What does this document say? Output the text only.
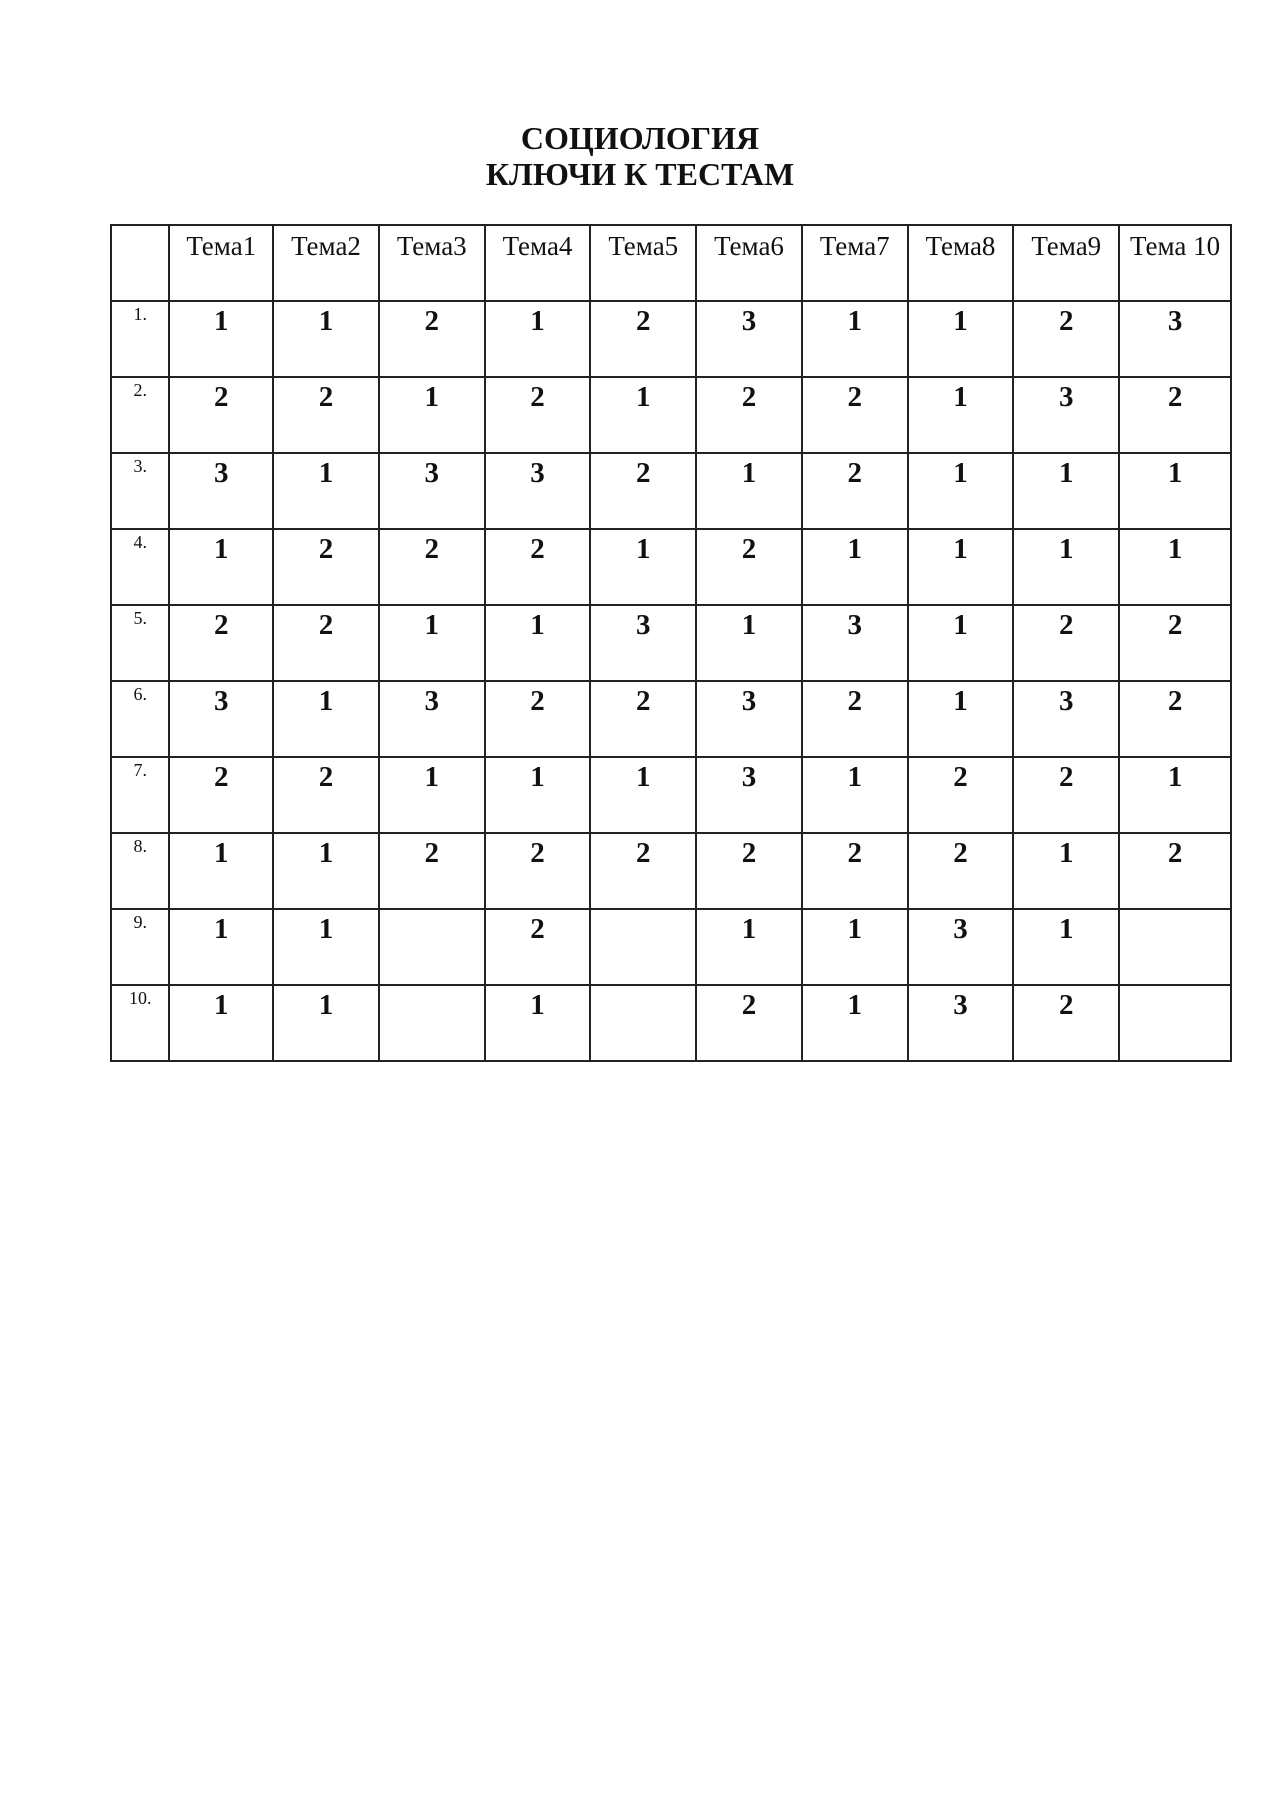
СОЦИОЛОГИЯ

КЛЮЧИ К ТЕСТАМ

	Тема1	Тема2	Тема3	Тема4	Тема5	Тема6	Тема7	Тема8	Тема9	Тема 10
1.	1	1	2	1	2	3	1	1	2	3
2.	2	2	1	2	1	2	2	1	3	2
3.	3	1	3	3	2	1	2	1	1	1
4.	1	2	2	2	1	2	1	1	1	1
5.	2	2	1	1	3	1	3	1	2	2
6.	3	1	3	2	2	3	2	1	3	2
7.	2	2	1	1	1	3	1	2	2	1
8.	1	1	2	2	2	2	2	2	1	2
9.	1	1		2		1	1	3	1	
10.	1	1		1		2	1	3	2	
